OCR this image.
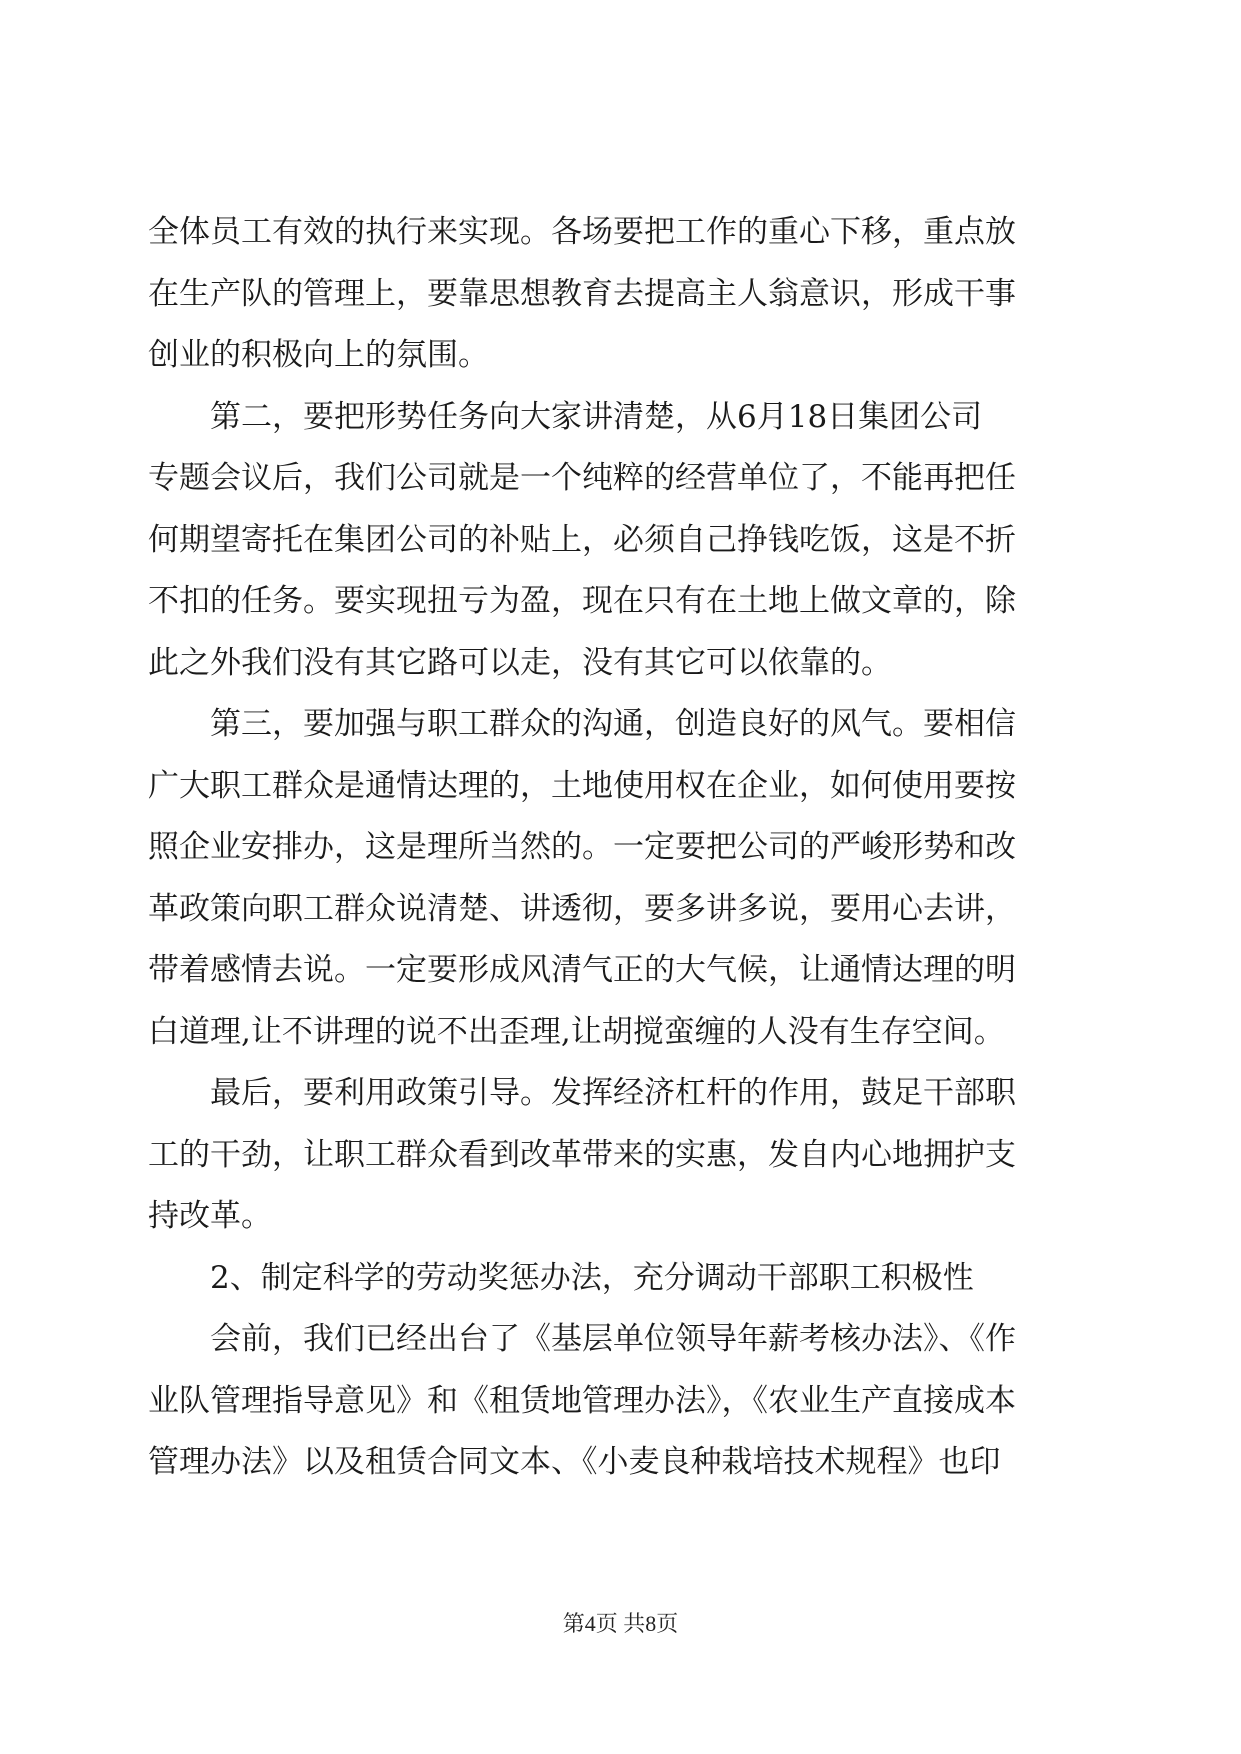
全体员工有效的执行来实现。各场要把工作的重心下移，重点放
在生产队的管理上，要靠思想教育去提高主人翁意识，形成干事
创业的积极向上的氛围。
第二，要把形势任务向大家讲清楚，从6月18日集团公司
专题会议后，我们公司就是一个纯粹的经营单位了，不能再把任
何期望寄托在集团公司的补贴上，必须自己挣钱吃饭，这是不折
不扣的任务。要实现扭亏为盈，现在只有在土地上做文章的，除
此之外我们没有其它路可以走，没有其它可以依靠的。
第三，要加强与职工群众的沟通，创造良好的风气。要相信
广大职工群众是通情达理的，土地使用权在企业，如何使用要按
照企业安排办，这是理所当然的。一定要把公司的严峻形势和改
革政策向职工群众说清楚、讲透彻，要多讲多说，要用心去讲，
带着感情去说。一定要形成风清气正的大气候，让通情达理的明
白道理,让不讲理的说不出歪理,让胡搅蛮缠的人没有生存空间。
最后，要利用政策引导。发挥经济杠杆的作用，鼓足干部职
工的干劲，让职工群众看到改革带来的实惠，发自内心地拥护支
持改革。
2、制定科学的劳动奖惩办法，充分调动干部职工积极性
会前，我们已经出台了《基层单位领导年薪考核办法》、《作
业队管理指导意见》和《租赁地管理办法》，《农业生产直接成本
管理办法》以及租赁合同文本、《小麦良种栽培技术规程》也印
第4页 共8页
